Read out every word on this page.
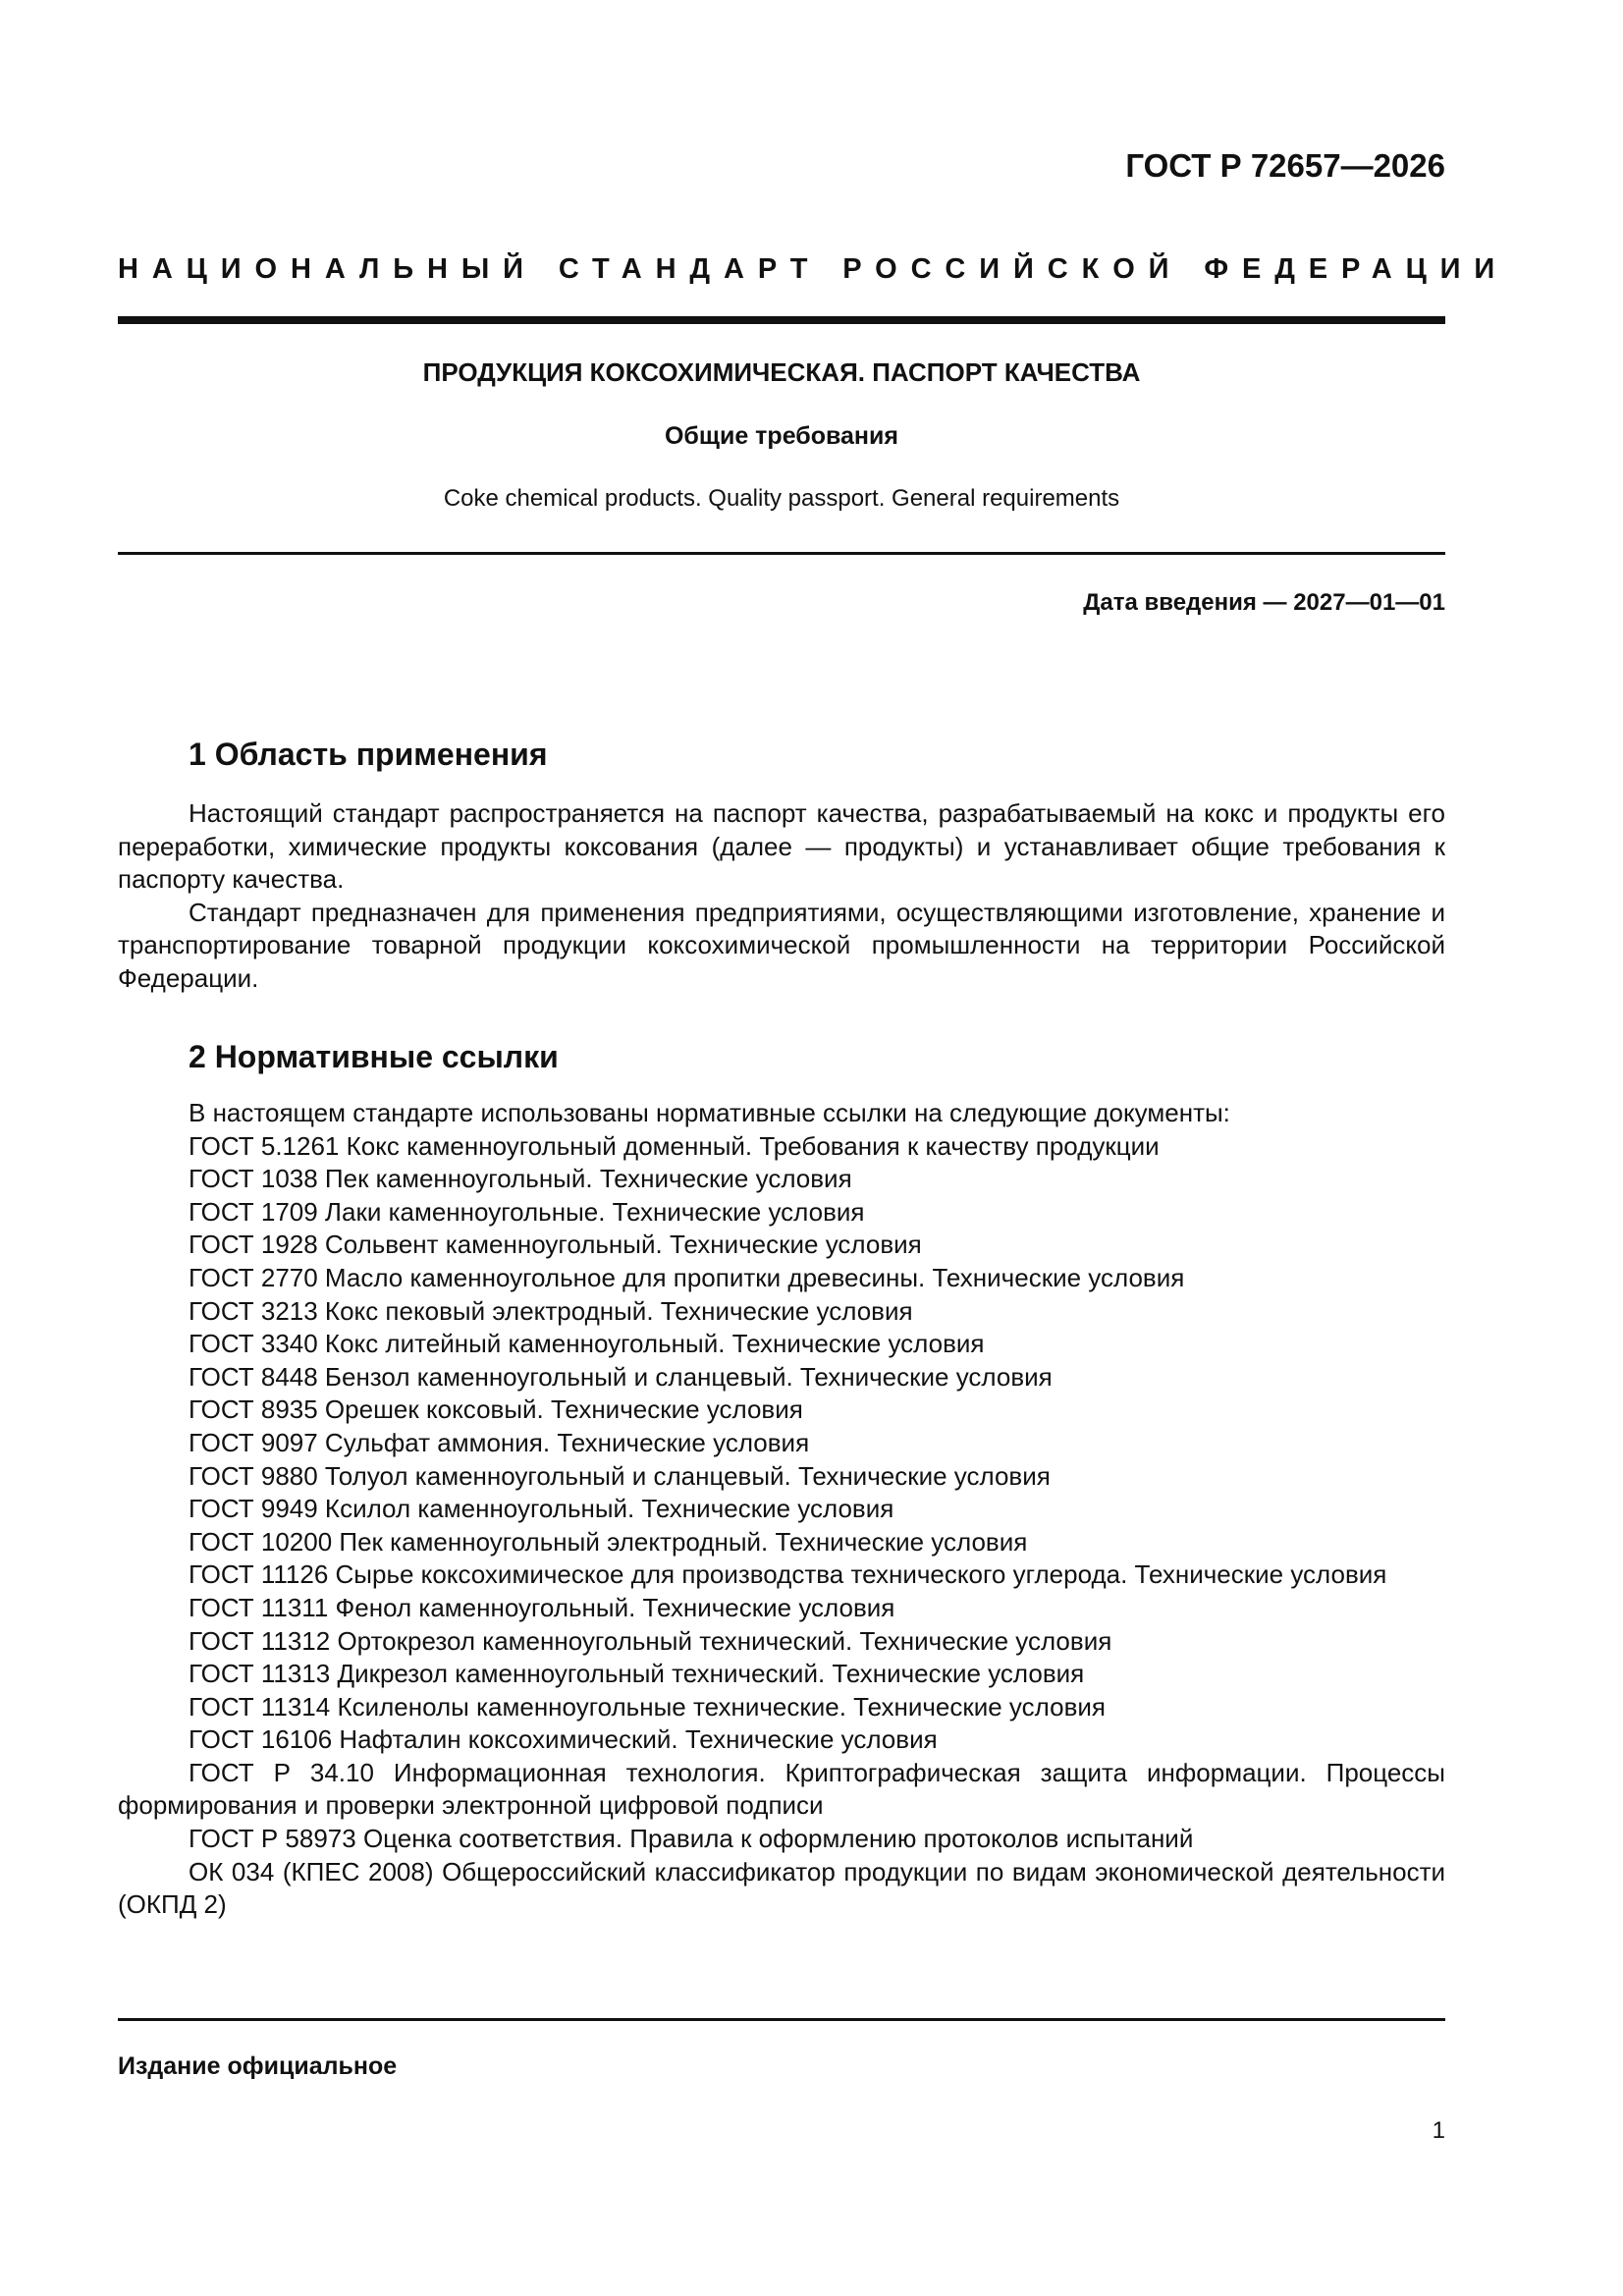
ГОСТ Р 72657—2026
НАЦИОНАЛЬНЫЙ СТАНДАРТ РОССИЙСКОЙ ФЕДЕРАЦИИ
ПРОДУКЦИЯ КОКСОХИМИЧЕСКАЯ. ПАСПОРТ КАЧЕСТВА
Общие требования
Coke chemical products. Quality passport. General requirements
Дата введения — 2027—01—01
1 Область применения

Настоящий стандарт распространяется на паспорт качества, разрабатываемый на кокс и продукты его переработки, химические продукты коксования (далее — продукты) и устанавливает общие требования к паспорту качества.

Стандарт предназначен для применения предприятиями, осуществляющими изготовление, хранение и транспортирование товарной продукции коксохимической промышленности на территории Российской Федерации.

2 Нормативные ссылки

В настоящем стандарте использованы нормативные ссылки на следующие документы:

ГОСТ 5.1261 Кокс каменноугольный доменный. Требования к качеству продукции

ГОСТ 1038 Пек каменноугольный. Технические условия

ГОСТ 1709 Лаки каменноугольные. Технические условия

ГОСТ 1928 Сольвент каменноугольный. Технические условия

ГОСТ 2770 Масло каменноугольное для пропитки древесины. Технические условия

ГОСТ 3213 Кокс пековый электродный. Технические условия

ГОСТ 3340 Кокс литейный каменноугольный. Технические условия

ГОСТ 8448 Бензол каменноугольный и сланцевый. Технические условия

ГОСТ 8935 Орешек коксовый. Технические условия

ГОСТ 9097 Сульфат аммония. Технические условия

ГОСТ 9880 Толуол каменноугольный и сланцевый. Технические условия

ГОСТ 9949 Ксилол каменноугольный. Технические условия

ГОСТ 10200 Пек каменноугольный электродный. Технические условия

ГОСТ 11126 Сырье коксохимическое для производства технического углерода. Технические условия

ГОСТ 11311 Фенол каменноугольный. Технические условия

ГОСТ 11312 Ортокрезол каменноугольный технический. Технические условия

ГОСТ 11313 Дикрезол каменноугольный технический. Технические условия

ГОСТ 11314 Ксиленолы каменноугольные технические. Технические условия

ГОСТ 16106 Нафталин коксохимический. Технические условия

ГОСТ Р 34.10 Информационная технология. Криптографическая защита информации. Процессы формирования и проверки электронной цифровой подписи

ГОСТ Р 58973 Оценка соответствия. Правила к оформлению протоколов испытаний

ОК 034 (КПЕС 2008) Общероссийский классификатор продукции по видам экономической деятельности (ОКПД 2)

Издание официальное
1
